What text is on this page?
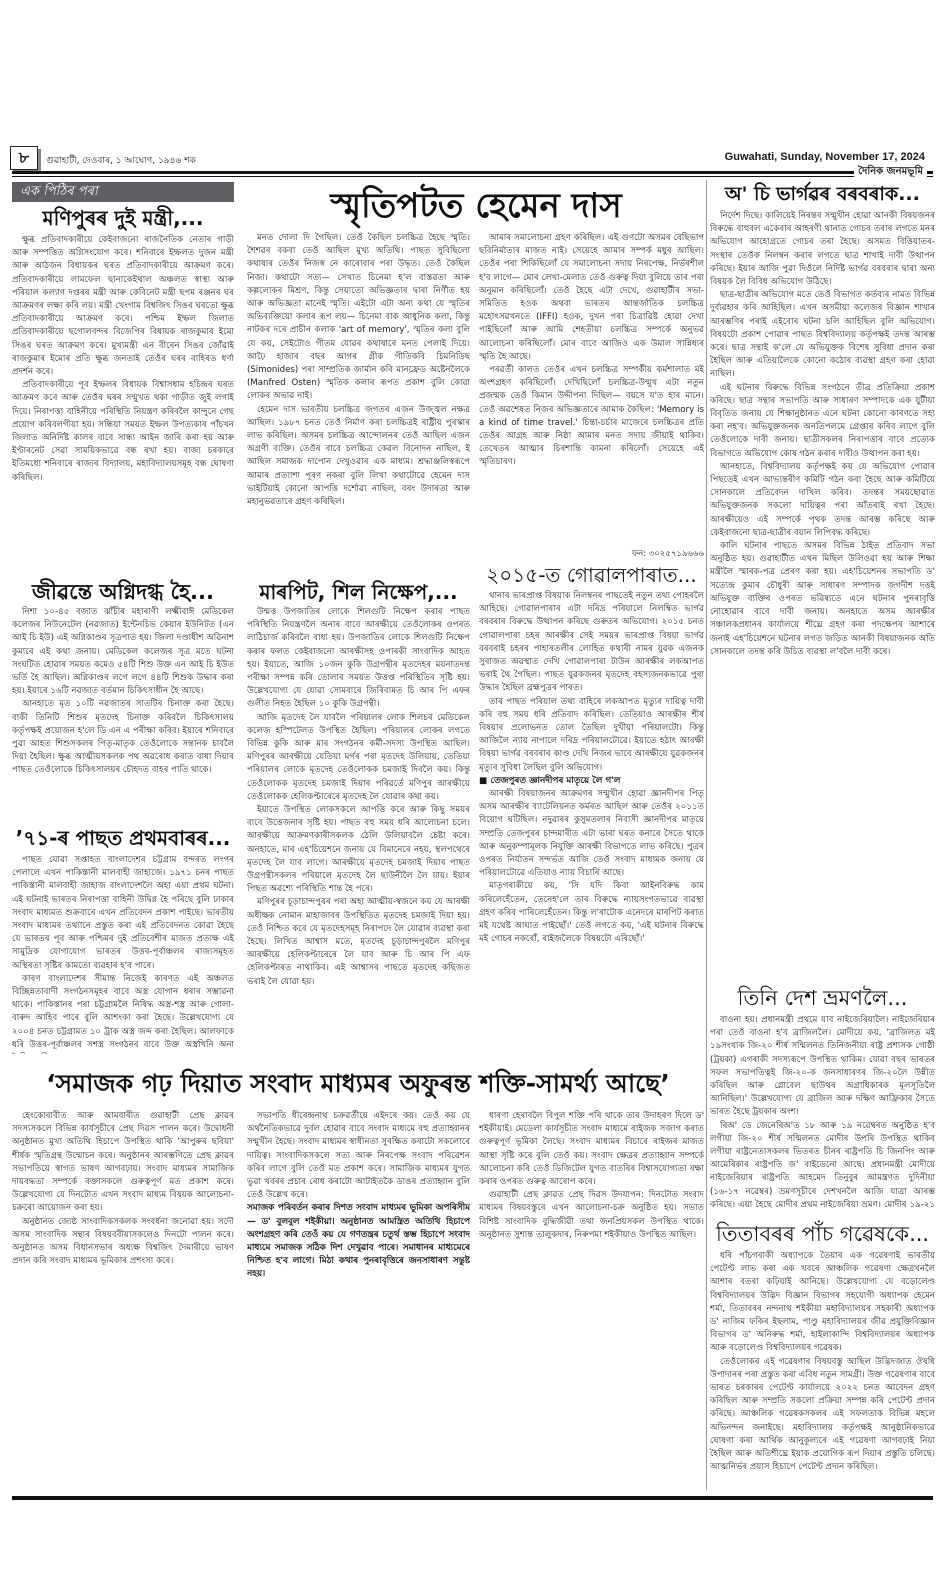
৮	গুৱাহাটী, দেওবাৰ, ১ আঘোণ, ১৯৪৬ শক	Guwahati, Sunday, November 17, 2024
দৈনিক জনমভূমি
এক পিঠিৰ পৰা
মণিপুৰৰ দুই মন্ত্ৰী,...

ক্ষুব্ধ প্ৰতিবাদকাৰীয়ে কেইবাজনো ৰাজনৈতিক নেতাৰ গাড়ী আৰু সম্পত্তিত অগ্নিসংযোগ কৰে। শনিবাৰে ইম্ফলত দুজন মন্ত্ৰী আৰু আঠজন বিধায়কৰ ঘৰত প্ৰতিবাদকাৰীয়ে আক্ৰমণ কৰে। প্ৰতিবাদকাৰীয়ে লামফেল ছানাকেইথাল অঞ্চলত স্বাস্থ্য আৰু পৰিয়াল কল্যাণ দপ্তৰৰ মন্ত্ৰী আৰু কেবিনেট মন্ত্ৰী ছপম ৰঞ্জনৰ ঘৰ আক্ৰমণৰ লক্ষ্য কৰি লয়। মন্ত্ৰী খেংগাম বিশ্বজিৎ সিঙৰ ঘৰতো ক্ষুব্ধ প্ৰতিবাদকাৰীয়ে আক্ৰমণ কৰে। পশ্চিম ইম্ফল জিলাত প্ৰতিবাদকাৰীয়ে ছগোলবন্দৰ বিজেপিৰ বিধায়ক ৰাজকুমাৰ ইমো সিঙৰ ঘৰত আক্ৰমণ কৰে। মুখ্যমন্ত্ৰী এন বীৰেন সিঙৰ জোঁৱাই ৰাজকুমাৰ ইমোৰ প্ৰতি ক্ষুব্ধ জনতাই তেওঁৰ ঘৰৰ বাহিৰত ধৰ্ণা প্ৰদৰ্শন কৰে।

প্ৰতিবাদকাৰীয়ে পূব ইম্ফলৰ বিধায়ক বিশ্বাসধাম হচিন্দ্ৰৰ ঘৰত আক্ৰমণ কৰে আৰু তেওঁৰ ঘৰৰ সন্মুখত থকা গাড়ীত জুই লগাই দিয়ে। নিৰাপত্তা বাহিনীয়ে পৰিস্থিতি নিয়ন্ত্ৰণ কৰিবলৈ কান্দুনে গেছ প্ৰয়োগ কৰিবলগীয়া হয়। সন্ধিয়া সময়ত ইম্ফল উপত্যকাৰ পাঁচখন জিলাত অনিৰ্দিষ্ট কালৰ বাবে সান্ধ্য আইন জাৰি কৰা হয় আৰু ইণ্টাৰনেট সেৱা সাময়িকভাৱে বন্ধ ৰখা হয়। বাজ্য চৰকাৰে ইতিমধ্যে শনিবাৰে ৰাজ্যৰ বিদ্যালয়, মহাবিদ্যালয়সমূহ বন্ধ ঘোষণা কৰিছিল।

স্মৃতিপটত হেমেন দাস

মনত দোলা দি গৈছিল। তেওঁ কৈছিল চলচ্চিত্ৰ হৈছে স্মৃতি। শৈশৱৰ বকবা তেওঁ আছিল মুখ্য অতিথি। পাছত সুবিছিলো কথাষাৰ তেওঁৰ নিজস্ব নে কাৰোবাৰ পৰা উদ্ধৃত। তেওঁ কৈছিল নিজা। কথাটো সত্য— সেখাত চিনেমা হ'ল বাস্তৱতা আৰু কল্পলোকৰ মিশ্ৰণ, কিন্তু সেয়াতো অভিজ্ঞতাৰ দ্বাৰা নিৰ্ণীত হয় আৰু অভিজ্ঞতা মানেই স্মৃতি। এইটো এটা অন্য কথা যে স্মৃতিৰ অভিব্যক্তিয়ো কলাৰ ৰূপ লয়— চিনেমা বাক আধুনিক কলা, কিন্তু নাটকৰ দৰে প্ৰাচীন কলাক 'art of memory', স্মৃতিৰ কলা বুলি যে কয়, সেইটোও গীতম যোৱৰ কথাষাৰে মনত পেলাই দিয়ে। আঢ়ৈ হাজাৰ বছৰ আগৰ গ্ৰীক গীতিকবি চিমনিডিছ (Simonides) পৰা সাম্প্ৰতিক জাৰ্মান কবি মানফ্ৰেড অষ্টেনলৈকে (Manfred Osten) স্মৃতিক কলাৰ ৰূপত প্ৰকাশ বুলি কোৱা লোকৰ অভাৱ নাই।

হেমেন দাস ভাৰতীয় চলচ্চিত্ৰ জগতৰ এজন উজ্জ্বল নক্ষত্ৰ আছিল। ১৯৮৭ চনত তেওঁ নিৰ্মাণ কৰা চলচ্চিত্ৰই ৰাষ্ট্ৰীয় পুৰস্কাৰ লাভ কৰিছিল। অসমৰ চলচ্চিত্ৰ আন্দোলনৰ তেওঁ আছিল এজন অগ্ৰণী ব্যক্তি। তেওঁৰ বাবে চলচ্চিত্ৰ কেৱল বিনোদন নাছিল, ই আছিল সমাজক দাপোন দেখুওৱাৰ এক মাধ্যম। শ্ৰদ্ধাঞ্জলিস্বৰূপে আমাৰ প্ৰত্যাশা পূৰণ নকৰা বুলি লিখা কথাটোৱে হেমেন দাস ভাইটিয়াই কোনো আপত্তি দৰ্শোৱা নাছিল, বৰং উদাৰতা আৰু মহানুভৱতাৰে গ্ৰহণ কৰিছিল।

আমাৰ সমালোচনা গ্ৰহণ কৰিছিল। এই গুণটো অসমৰ বেছিভাগ ছবিনিৰ্মাতাৰ মাজত নাই। সেয়েহে আমাৰ সম্পৰ্ক মধুৰ আছিল। তেওঁৰ পৰা শিকিছিলোঁ যে সমালোচনা সদায় নিৰপেক্ষ, নিৰ্ভৰশীল হ'ব লাগে— মোৰ লেখা-মেলাত তেওঁ গুৰুত্ব দিয়া বুলিয়ে তাৰ পৰা অনুমান কৰিছিলোঁ। তেওঁ হৈছে এটা দেখে, গুৱাহাটীৰ সভা-সমিতিত হওক অথবা ভাৰতৰ আন্তৰ্জাতিক চলচ্চিত্ৰ মহোৎসৱখনতে (IFFI) হওক, দুখন পৰা চিত্ৰাৱিষ্ট হোৱা দেখা পাইছিলোঁ আৰু আমি শেহতীয়া চলচ্চিত্ৰ সম্পৰ্কে অনুভৱ আলোচনা কৰিছিলোঁ। মোৰ বাবে আজিও এক উমাল সান্নিধ্যৰ স্মৃতি হৈ আছে।

পৰৱৰ্তী কালত তেওঁৰ এখন চলচ্চিত্ৰ সম্পৰ্কীয় কৰ্মশালাত মই অংশগ্ৰহণ কৰিছিলোঁ। দেখিছিলোঁ চলচ্চিত্ৰ-উন্মুখ এটা নতুন প্ৰজন্মক তেওঁ কিমান উদ্দীপনা দিছিল— বয়সে য'ত হাৰ মানে। তেওঁ অৱশেষত নিজৰ অভিজ্ঞতাৰে আমাক কৈছিল: 'Memory is a kind of time travel.' চিন্তা-চৰ্চাৰ মাজেৰে চলচ্চিত্ৰৰ প্ৰতি তেওঁৰ আগ্ৰহ আৰু নিষ্ঠা আমাৰ মনত সদায় জীয়াই থাকিব। তেখেতৰ আত্মাৰ চিৰশান্তি কামনা কৰিলোঁ। সেয়েহে এই স্মৃতিচাৰণ।

ফন: ৩০২৫৭১৯৬৬৬
অ' চি ভাৰ্গৱৰ বৰবৰাক...

নিৰ্দেশ দিছে। কালিয়েই নিৰন্তৰ সন্মুখীন হোৱা আনকী বিষয়জনৰ বিৰুদ্ধে বাহুবল একেবাৰ আহৰণী থানাত গোচৰ তৰাৰ লগতে মনৰ অভিযোগ আহোগ্ৰতে গোচৰ তৰা হৈছে। অসমত বিত্তিয়াতৰ-সংস্থাৰ তেওঁক নিলম্বন কৰাৰ লগতে ছাত্ৰ শাখাই দাবী উত্থাপন কৰিছে। ইয়াৰ আজি পুৱা দিওঁলে নিৰ্দিষ্ট ভাৰ্গৱ বৰবৰাৰ দ্বাৰা অন্য বিষয়ক লৈ বিবিধ অভিযোগ উঠিছে।

ছাত্ৰ-ছাত্ৰীৰ অভিযোগ মতে তেওঁ বিভাগত কৰ্তব্যৰ নামত বিভিন্ন দুৰ্ব্যৱহাৰ কৰি আহিছিল। এখন অসমীয়া কলেজৰ বিজ্ঞান শাখাৰ আৰম্ভণিৰ পৰাই এইবোৰ ঘটনা চলি আহিছিল বুলি অভিযোগ। বিষয়টো প্ৰকাশ পোৱাৰ পাছত বিশ্ববিদ্যালয় কৰ্তৃপক্ষই তদন্ত আৰম্ভ কৰে। ছাত্ৰ সন্থাই ক'লে যে অভিযুক্তক বিশেষ সুবিধা প্ৰদান কৰা হৈছিল আৰু এতিয়ালৈকে কোনো কঠোৰ ব্যৱস্থা গ্ৰহণ কৰা হোৱা নাছিল।

এই ঘটনাৰ বিৰুদ্ধে বিভিন্ন সংগঠনে তীব্ৰ প্ৰতিক্ৰিয়া প্ৰকাশ কৰিছে। ছাত্ৰ সন্থাৰ সভাপতি আৰু সাধাৰণ সম্পাদকে এক যুটীয়া বিবৃতিত জনায় যে শিক্ষানুষ্ঠানত এনে ঘটনা কোনো কাৰণতে সহ্য কৰা নহ'ব। অভিযুক্তজনক অনতিপলমে গ্ৰেপ্তাৰ কৰিব লাগে বুলি তেওঁলোকে দাবী জনায়। ছাত্ৰীসকলৰ নিৰাপত্তাৰ বাবে প্ৰত্যেক বিভাগতে অভিযোগ কোষ গঠন কৰাৰ দাবীও উত্থাপন কৰা হয়।

আনহাতে, বিশ্ববিদ্যালয় কৰ্তৃপক্ষই কয় যে অভিযোগ পোৱাৰ পিছতেই এখন আভ্যন্তৰীণ কমিটি গঠন কৰা হৈছে আৰু কমিটিয়ে সোনকালে প্ৰতিবেদন দাখিল কৰিব। তদন্তৰ সময়ছোৱাত অভিযুক্তজনক সকলো দায়িত্বৰ পৰা আঁতৰাই ৰখা হৈছে। আৰক্ষীয়েও এই সম্পৰ্কে পৃথক তদন্ত আৰম্ভ কৰিছে আৰু কেইবাজনো ছাত্ৰ-ছাত্ৰীৰ বয়ান লিপিবদ্ধ কৰিছে।

কালি ঘটনাৰ পাছতে অসমৰ বিভিন্ন ঠাইত প্ৰতিবাদ সভা অনুষ্ঠিত হয়। গুৱাহাটীত এখন মিছিল উলিওৱা হয় আৰু শিক্ষা মন্ত্ৰীলৈ স্মাৰক-পত্ৰ প্ৰেৰণ কৰা হয়। এহ'চিয়েশনৰ সভাপতি ড' সত্যেন্দ্ৰ কুমাৰ চৌধুৰী আৰু সাধাৰণ সম্পাদক জগদীশ দত্তই অভিযুক্ত ব্যক্তিৰ ওপৰত ভৱিষ্যতে এনে ঘটনাৰ পুনৰাবৃত্তি নোহোৱাৰ বাবে দাবী জনায়। অনহাতে অসম আৰক্ষীৰ সঞ্চালকপ্ৰধানৰ কাৰ্যালয়ে শীঘ্ৰে গ্ৰহণ কৰা পদক্ষেপৰ আশাৰে জনাই এহ'চিয়েশনে ঘটনাৰ লগত জড়িত আনকী বিষয়াজনক অতি সোনকালে তদন্ত কৰি উচিত ব্যৱস্থা ল'বলৈ দাবী কৰে।

জীৱন্তে অগ্নিদগ্ধ হৈ...

নিশা ১০-৪৫ বজাত ঝাঁচীৰ মহাৰাণী লক্ষ্মীবাঈ মেডিকেল কলেজৰ নিউনেটেল (নৱজাত) ইন্টেনচিভ কেয়াৰ ইউনিটত (এন আই চি ইউ) এই অগ্নিকাণ্ডৰ সূত্ৰপাত হয়। জিলা দণ্ডাধীশ অৱিনাশ কুমাৰে এই কথা জনায়। মেডিকেল কলেজৰ সূত্ৰ মতে ঘটনা সংঘটিত হোৱাৰ সময়ত কমেও ৫৪টি শিশু উক্ত এন আই চি ইউত ভৰ্তি হৈ আছিল। অগ্নিকাণ্ডৰ লগে লগে ৪৪টি শিশুক উদ্ধাৰ কৰা হয়। ইয়াৰে ১৬টি নৱজাত বৰ্তমান চিকিৎসাধীন হৈ আছে।

আনহাতে মৃত ১০টি নৱজাতৰ সাতটিৰ চিনাক্ত কৰা হৈছে। বাকী তিনিটি শিশুৰ মৃতদেহ চিনাক্ত কৰিবলৈ চিকিৎসালয় কৰ্তৃপক্ষই প্ৰয়োজন হ'লে ডি এন এ পৰীক্ষা কৰিব। ইয়াৰে শনিবাৰে পুৱা আহত শিশুসকলৰ পিতৃ-মাতৃক তেওঁলোকে সন্তানক চাবলৈ দিয়া হৈছিল। ক্ষুব্ধ আত্মীয়সকলক পথ অৱৰোধ কৰাত বাধা দিয়াৰ পাছত তেওঁলোকে চিকিৎসালয়ৰ চৌহদত বাহৰ পাতি থাকে।

’৭১-ৰ পাছত প্ৰথমবাৰৰ...

পাছত যোৱা সপ্তাহত বাংলাদেশৰ চট্টগ্ৰাম বন্দৰত লংগৰ পেলালে এখন পাকিস্তানী মালবাহী জাহাজে। ১৯৭১ চনৰ পাছত পাকিস্তানী মালবাহী জাহাজ বাংলাদেশলৈ অহা এয়া প্ৰথম ঘটনা। এই ঘটনাই ভাৰতৰ নিৰাপত্তা বাহিনী উদ্বিগ্ন হৈ পৰিছে বুলি ঢাকাৰ সংবাদ মাধ্যমত শুক্ৰবাৰে এখন প্ৰতিবেদন প্ৰকাশ পাইছে। ভাৰতীয় সংবাদ মাধ্যমৰ তথ্যানে প্ৰস্তুত কৰা এই প্ৰতিবেদনত কোৱা হৈছে যে ভাৰতৰ পূব আৰু পশ্চিমৰ দুই প্ৰতিবেশীৰ মাজত প্ৰত্যক্ষ এই সামুদ্ৰিক যোগাযোগ ভাৰতৰ উত্তৰ-পূৰ্বাঞ্চলৰ ৰাজ্যসমূহত অস্থিৰতা সৃষ্টিৰ কামতো ব্যৱহাৰ হ'ব পাৰে।

কাৰণ বাংলাদেশৰ সীমান্ত নিজেই কাৰণত এই অঞ্চলত বিচ্ছিন্নতাবাদী সংগঠনসমূহৰ বাবে অস্ত্ৰ যোগান ধৰাৰ সম্ভাৱনা থাকে। পাকিস্তানৰ পৰা চট্টগ্ৰামলৈ নিষিদ্ধ অস্ত্ৰ-শস্ত্ৰ আৰু গোলা-বাৰুদ আহিব পাৰে বুলি আশংকা কৰা হৈছে। উল্লেখযোগ্য যে ২০০৪ চনত চট্টগ্ৰামত ১০ ট্ৰাক অস্ত্ৰ জব্দ কৰা হৈছিল। আলফাকে ধৰি উত্তৰ-পূৰ্বাঞ্চলৰ সশস্ত্ৰ সংগঠনৰ বাবে উক্ত অস্ত্ৰখিনি অনা

মাৰপিট, শিল নিক্ষেপ,...

উন্মত্ত উপজাতিৰ লোকে শিলগুটি নিক্ষেপ কৰাৰ পাছত পৰিস্থিতি নিয়ন্ত্ৰণলৈ অনাৰ বাবে আৰক্ষীয়ে তেওঁলোকৰ ওপৰত লাঠিচাৰ্জ কৰিবলৈ বাধ্য হয়। উপজাতিৰ লোকে শিলগুটি নিক্ষেপ কৰাৰ ফলত কেইবাজনো আৰক্ষীসহ ওপাৰকী সাংবাদিক আহত হয়। ইয়াতে, আজি ১০জন কুকি উগ্ৰপন্থীৰ মৃতদেহৰ ময়নাতদন্ত পৰীক্ষা সম্পন্ন কৰি তোলাৰ সময়ত উত্তপ্ত পৰিস্থিতিৰ সৃষ্টি হয়। উল্লেখযোগ্য যে যোৱা সোমবাৰে জিৰিবামত চি আৰ পি এফৰ গুলীত নিহত হৈছিল ১০ কুকি উগ্ৰপন্থী।

আজি মৃতদেহ লৈ যাবলৈ পৰিয়ালৰ লোক শিলচৰ মেডিকেল কলেজ হস্পিটেলত উপস্থিত হৈছিল। পৰিয়ালৰ লোকৰ লগতে বিভিন্ন কুকি আৰু মাৰ সংগঠনৰ কৰ্মী-সদস্য উপস্থিত আছিল। মণিপুৰৰ আৰক্ষীয়ে যেতিয়া মৰ্গৰ পৰা মৃতদেহ উলিয়ায়, তেতিয়া পৰিয়ালৰ লোকে মৃতদেহ তেওঁলোকক চমজাই দিবলৈ কয়। কিন্তু তেওঁলোকক মৃতদেহ চমজাই দিয়াৰ পৰিৱৰ্তে মণিপুৰ আৰক্ষীয়ে তেওঁলোকক হেলিকপ্টাৰেৰে মৃতদেহ লৈ যোৱাৰ কথা কয়।

ইয়াতে উপস্থিত লোকসকলে আপত্তি কৰে আৰু কিছু সময়ৰ বাবে উত্তেজনাৰ সৃষ্টি হয়। পাছত বহু সময় ধৰি আলোচনা চলে। আৰক্ষীয়ে আক্ৰমণকাৰীসকলক ঠেলি উলিয়াবলৈ চেষ্টা কৰে। অনহাতে, মাৰ এহ'চিয়েশনে জনায় যে বিমানেৰে নহয়, স্থলপথেৰে মৃতদেহ লৈ যাব লাগে। আৰক্ষীয়ে মৃতদেহ চমজাই দিয়াৰ পাছত উগ্ৰপন্থীসকলৰ পৰিয়ালে মৃতদেহ লৈ ছাউনীলৈ লৈ যায়। ইয়াৰ পিছত অৱশ্যে পৰিস্থিতি শান্ত হৈ পৰে।

মণিপুৰৰ চূড়াচান্দপুৰৰ পৰা অহা আত্মীয়-স্বজনে কয় যে আৰক্ষী অধীক্ষক নোমান মাহাজাবৰ উপস্থিতিত মৃতদেহ চমজাই দিয়া হয়। তেওঁ নিশ্চিত কৰে যে মৃতদেহসমূহ নিৰাপদে লৈ যোৱাৰ ব্যৱস্থা কৰা হৈছে। লিখিত আশ্বাস মতে, মৃতদেহ চূড়াচান্দপুৰলৈ মণিপুৰ আৰক্ষীয়ে হেলিকপ্টাৰেৰে লৈ যাব আৰু চি আৰ পি এফ হেলিকপ্টাৰত নাথাকিব। এই আশ্বাসৰ পাছতে মৃতদেহ কছিজত ভৰাই লৈ যোৱা হয়।

২০১৫-ত গোৱালপাৰাত...

থানাৰ ভাৰপ্ৰাপ্ত বিষয়াক নিলম্বনৰ পাছতেই নতুন তথ্য পোহৰলৈ আহিছে। গোৱালপাৰাৰ এটা দৰিদ্ৰ পৰিয়ালে নিলম্বিত ভাৰ্গৱ বৰবৰাৰ বিৰুদ্ধে উত্থাপন কৰিছে গুৰুতৰ অভিযোগ। ২০১৫ চনত গোৱালপাৰা চহৰ আৰক্ষীৰ সেই সময়ৰ ভাৰপ্ৰাপ্ত বিষয়া ভাৰ্গৱ বৰবৰাই চহৰৰ পাহাৰতলীৰ লোহিত কথাৰী নামৰ যুৱক এজনক সুৰাজত অৱস্থাত দেখি গোৱালপাৰা টাউন আৰক্ষীৰ লকআপত ভৰাই থৈ গৈছিল। পাছত যুৱকজনৰ মৃতদেহ বহস্যজনকভাৱে পুৰা উদ্ধাৰ হৈছিল ব্ৰহ্মপুত্ৰৰ পাৰত।

তাৰ পাছত পৰিয়াল তথা বাহিৰে লকআপত মৃত্যুৰ দায়িত্ব দাবী কৰি বহু সময় ধৰি প্ৰতিবাদ কৰিছিল। তেতিয়াও আৰক্ষীৰ শীৰ্ষ বিষয়াৰ প্ৰলোভনত তোল তৈছিল দুখীয়া পৰিয়ালটো। কিন্তু আজিলৈ ন্যায় নাপালে দৰিদ্ৰ পৰিয়ালটোৱে। ইয়াতে হঠাৎ আৰক্ষী বিষয়া ভাৰ্গৱ বৰবৰাৰ কাণ্ড দেখি নিজৰ ভাবে আৰক্ষীয়ে যুৱকজনৰ মৃত্যুৰ সুবিধা লৈছিল বুলি অভিযোগ।

■ তেজপুৰত জ্ঞানদীপৰ মাতৃয়ে লৈ গ'ল

আৰক্ষী বিষয়াজনৰ আক্ৰমণৰ সন্মুখীন হোৱা জ্ঞানদীপৰ পিতৃ অসম আৰক্ষীৰ ব্যাটেলিয়নত কৰ্মৰত আছিল আৰু তেওঁৰ ২০১১ত বিয়োগ ঘটিছিল। নদুৱাৰৰ কুসুমতলাৰ নিবাসী জ্ঞানদীপৰ মাতৃয়ে সম্প্ৰতি তেজপুৰৰ চান্দমাৰীত এটা ভাৰা ঘৰত কনাৰে সৈতে থাকে আৰু অনুকম্পামূলক নিযুক্তি আৰক্ষী বিভাগতে লাভ কৰিছে। পুত্ৰৰ ওপৰত নিৰ্যাতন সন্দৰ্ভত আজি তেওঁ সংবাদ মাধ্যমক জনায় যে পৰিয়ালটোৱে এতিয়াও ন্যায় বিচাৰি আছে।

মাতৃগৰাকীয়ে কয়, 'সি যদি কিবা আইনবিৰুদ্ধ কাম কৰিলেহেঁতেন, তেনেহ'লে তাৰ বিৰুদ্ধে ন্যায়সংগতভাৱে ব্যৱস্থা গ্ৰহণ কৰিব পাৰিলেহেঁতেন। কিন্তু ল'ৰাটোক এনেদৰে মাৰপিট কৰাত মই যথেষ্ট আঘাত পাইছোঁ।' তেওঁ লগতে কয়, 'এই ঘটনাৰ বিৰুদ্ধে মই গোচৰ নকৰোঁ, ৰাইজলৈকে বিষয়টো এৰিছোঁ।'

তিনি দেশ ভ্ৰমণলৈ...

বাওনা হয়। প্ৰধানমন্ত্ৰী প্ৰথমে যাব নাইজেৰিয়ালৈ। নাইজেৰিয়াৰ পৰা তেওঁ বাওনা হ'ব ব্ৰাজিললৈ। মোদীয়ে কয়, 'ব্ৰাজিলত মই ১৯সংখ্যক জি-২০ শীৰ্ষ সন্মিলনত তিনিজনীয়া ৰাষ্ট্ৰ প্ৰশাসক গোষ্ঠী (ট্ৰয়কা) এগৰাকী সদস্যৰূপে উপস্থিত থাকিম। যোৱা বছৰ ভাৰতৰ সফল সভাপতিত্বই জি-২০-ক জনসাধাৰণৰ জি-২০লৈ উন্নীত কৰিছিল আৰু গ্লোবেল ছাউথৰ অগ্ৰাধিকাৰক মূলসূতিলৈ আনিছিল।' উল্লেখযোগ্য যে ব্ৰাজিল আৰু দক্ষিণ আফ্ৰিকাৰ সৈতে ভাৰত হৈছে ট্ৰয়কাৰ অংশ।

ৰিঅ' ডে জেনেৰিঅ'ত ১৮ আৰু ১৯ নৱেম্বৰত অনুষ্ঠিত হ'ব লগীয়া জি-২০ শীৰ্ষ সন্মিলনত মোদীৰ উপৰি উপস্থিত থাকিব লগীয়া ৰাষ্ট্ৰনেতাসকলৰ ভিতৰত চীনৰ ৰাষ্ট্ৰপতি চি জিনপিং আৰু আমেৰিকাৰ ৰাষ্ট্ৰপতি জ' বাইডেনো আছে। প্ৰধানমন্ত্ৰী মোদীয়ে নাইজেৰিয়াৰ ৰাষ্ট্ৰপতি আহমেদ তিনুবুৰ আমন্ত্ৰণত দুদিনীয়া (১৬-১৭ নৱেম্বৰ) ভ্ৰমণসূচীৰে দেশখনলৈ আজি যাত্ৰা আৰম্ভ কৰিছে। এয়া হৈছে মোদীৰ প্ৰথম নাইজেৰিয়া ভ্ৰমণ। মোদীৰ ১৯-২১

‘সমাজক গঢ় দিয়াত সংবাদ মাধ্যমৰ অফুৰন্ত শক্তি-সামৰ্থ্য আছে’

হেংকোৰাবীত আৰু আমবাৰীত গুৱাহাটী প্ৰেছ ক্লাৱৰ সদস্যসকলে বিভিন্ন কাৰ্যসূচীৰে প্ৰেছ দিৱস পালন কৰে। উদ্বোধনী অনুষ্ঠানত মুখ্য অতিথি হিচাপে উপস্থিত থাকি 'আপুৰুৰ ছবিয়া' শীৰ্ষক স্মৃতিগ্ৰন্থ উন্মোচন কৰে। অনুষ্ঠানৰ আৰম্ভণিতে প্ৰেছ ক্লাৱৰ সভাপতিয়ে স্বাগত ভাষণ আগবঢ়ায়। সংবাদ মাধ্যমৰ সামাজিক দায়বদ্ধতা সম্পৰ্কে বক্তাসকলে গুৰুত্বপূৰ্ণ মত প্ৰকাশ কৰে। উল্লেখযোগ্য যে দিনটোত এখন সংবাদ মাধ্যম বিষয়ক আলোচনা-চক্ৰৰো আয়োজন কৰা হয়।

অনুষ্ঠানত জ্যেষ্ঠ সাংবাদিকসকলক সংবৰ্ধনা জনোৱা হয়। সদৌ অসম সাংবাদিক সন্থাৰ বিষয়ববীয়াসকলেও দিনটো পালন কৰে। অনুষ্ঠানত অসম বিধানসভাৰ অধ্যক্ষ বিশ্বজিৎ দৈমাৰীয়ে ভাষণ প্ৰদান কৰি সংবাদ মাধ্যমৰ ভূমিকাৰ প্ৰশংসা কৰে।

সভাপতি ধীৰেন্দ্ৰনাথ চক্ৰৱৰ্তীয়ে এইদৰে কয়। তেওঁ কয় যে অৰ্থনৈতিকভাৱে দুৰ্বল হোৱাৰ বাবে সংবাদ মাধ্যমে বহু প্ৰত্যাহ্বানৰ সন্মুখীন হৈছে। সংবাদ মাধ্যমৰ স্বাধীনতা সুৰক্ষিত কৰাটো সকলোৰে দায়িত্ব। সাংবাদিকসকলে সত্য আৰু নিৰপেক্ষ সংবাদ পৰিৱেশন কৰিব লাগে বুলি তেওঁ মত প্ৰকাশ কৰে। সামাজিক মাধ্যমৰ যুগত ভুৱা খবৰৰ প্ৰচাৰ ৰোধ কৰাটো আটাইতকৈ ডাঙৰ প্ৰত্যাহ্বান বুলি তেওঁ উল্লেখ কৰে।

সমাজক পৰিবৰ্তন কৰাৰ দিশত সংবাদ মাধ্যমৰ ভূমিকা অপৰিসীম— ড' বুলবুল শইকীয়া। অনুষ্ঠানত আমন্ত্ৰিত অতিথি হিচাপে অংশগ্ৰহণ কৰি তেওঁ কয় যে গণতন্ত্ৰৰ চতুৰ্থ স্তম্ভ হিচাপে সংবাদ মাধ্যমে সমাজক সঠিক দিশ দেখুৱাব পাৰে। সমাধানৰ মাধ্যমেৰে নিশ্চিত হ'ব লাগে। মিঠা কথাৰ পুনৰাবৃত্তিৰে জনসাধাৰণ সন্তুষ্ট নহয়।

ধাৰণা হেৰাবলৈ বিপুল শক্তি পৰি থাকে তাৰ উদাহৰণ দিলে ড' শইকীয়াই। মেডেলা কাৰ্যসূচীত সংবাদ মাধ্যমে ৰাইজক সজাগ কৰাত গুৰুত্বপূৰ্ণ ভূমিকা লৈছে। সংবাদ মাধ্যমৰ বিচাৰে ৰাইজৰ মাজত আস্থা সৃষ্টি কৰে বুলি তেওঁ কয়। সংবাদ ক্ষেত্ৰৰ প্ৰত্যাহ্বান সম্পৰ্কে আলোচনা কৰি তেওঁ ডিজিটেল যুগত বাতৰিৰ বিশ্বাসযোগ্যতা ৰক্ষা কৰাৰ ওপৰত গুৰুত্ব আৰোপ কৰে।

গুৱাহাটী প্ৰেছ ক্লাৱত প্ৰেছ দিৱস উদযাপন: দিনটোত সংবাদ মাধ্যমৰ বিষয়বস্তুৰে এখন আলোচনা-চক্ৰ অনুষ্ঠিত হয়। সভাত বিশিষ্ট সাংবাদিক বুদ্ধিজীৱী তথা জনপ্ৰিয়সকল উপস্থিত থাকে। অনুষ্ঠানত সুশান্ত তালুকদাৰ, নিৰুপমা শইকীয়াও উপস্থিত আছিল। তিতাবৰৰ পাঁচ গৱেষকে...

ধৰি পাঁচগৰাকী অধ্যাপকে তৈয়াৰ এক গৱেষণাই ভাৰতীয় পেটেণ্ট লাভ কৰা এক খবৰে আঞ্চলিক গৱেষণা ক্ষেত্ৰখনলৈ আশাৰ বতৰা কঢ়িয়াই আনিছে। উল্লেখযোগ্য যে বড়োলেণ্ড বিশ্ববিদ্যালয়ৰ উদ্ভিদ বিজ্ঞান বিভাগৰ সহযোগী অধ্যাপক হেমেন শৰ্মা, তিতাবৰৰ নন্দনাথ শইকীয়া মহাবিদ্যালয়ৰ সহকাৰী অধ্যাপক ড' নাজিম ফকিৰ ইছলাম, পাণ্ডু মহাবিদ্যালয়ৰ জীৱ প্ৰযুক্তিবিজ্ঞান বিভাগৰ ড' অনিৰুদ্ধ শৰ্মা, হাইলাকান্দি বিশ্ববিদ্যালয়ৰ অধ্যাপক আৰু বড়োলেণ্ড বিশ্ববিদ্যালয়ৰ গৱেষক।

তেওঁলোকৰ এই গৱেষণাৰ বিষয়বস্তু আছিল উদ্ভিদজাত ঔষধি উপাদানৰ পৰা প্ৰস্তুত কৰা এবিধ নতুন সামগ্ৰী। উক্ত গৱেষণাৰ বাবে ভাৰত চৰকাৰৰ পেটেণ্ট কাৰ্যালয়ে ২০২২ চনত আবেদন গ্ৰহণ কৰিছিল আৰু সম্প্ৰতি সকলো প্ৰক্ৰিয়া সম্পন্ন কৰি পেটেণ্ট প্ৰদান কৰিছে। আঞ্চলিক গৱেষকসকলৰ এই সফলতাক বিভিন্ন মহলে অভিনন্দন জনাইছে। মহাবিদ্যালয় কৰ্তৃপক্ষই আনুষ্ঠানিকভাৱে ঘোষণা কৰা আৰ্থিক আনুকূল্যৰে এই গৱেষণা আগবঢ়াই নিয়া হৈছিল আৰু অতিশীঘ্ৰে ইয়াক প্ৰয়োগিক ৰূপ দিয়াৰ প্ৰস্তুতি চলিছে। আত্মনিৰ্ভৰ প্ৰয়াস হিচাপে পেটেণ্ট প্ৰদান কৰিছিল।
